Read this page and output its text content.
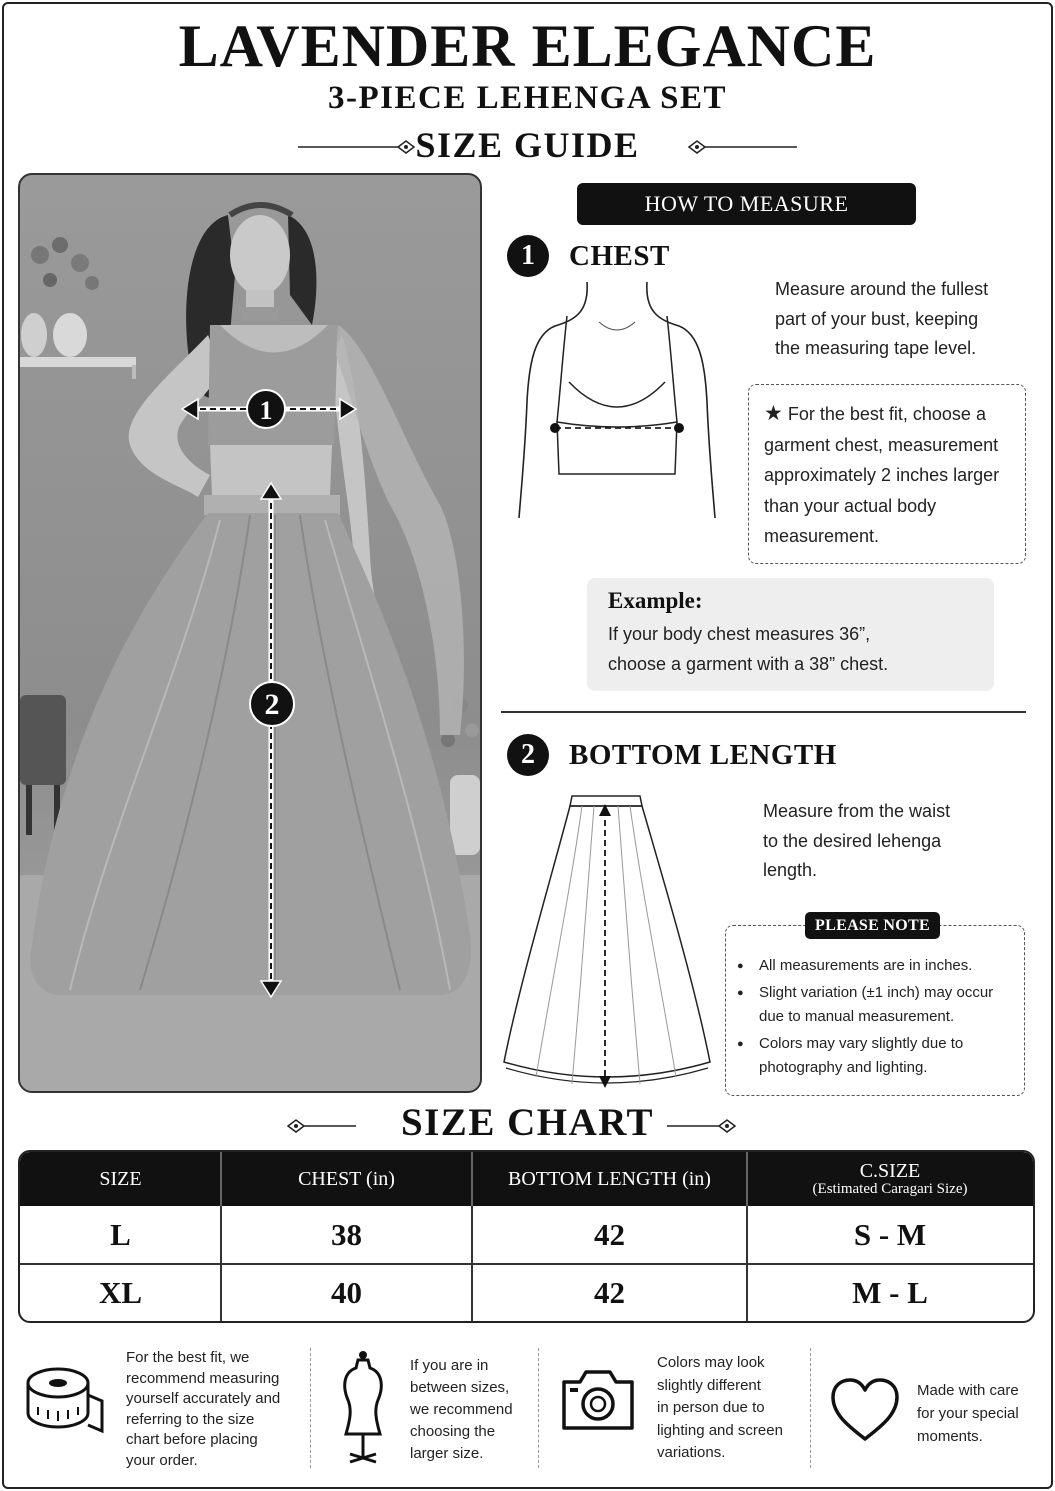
LAVENDER ELEGANCE
3-PIECE LEHENGA SET
SIZE GUIDE
1
2
HOW TO MEASURE
1	CHEST
Measure around the fullest
part of your bust, keeping
the measuring tape level.
★ For the best fit, choose a
garment chest, measurement
approximately 2 inches larger
than your actual body
measurement.
Example:
If your body chest measures 36”,
choose a garment with a 38” chest.
2	BOTTOM LENGTH
Measure from the waist
to the desired lehenga
length.
PLEASE NOTE
● All measurements are in inches.
● Slight variation (±1 inch) may occur
due to manual measurement.
● Colors may vary slightly due to
photography and lighting.
SIZE CHART
SIZE	CHEST (in)	BOTTOM LENGTH (in)	C.SIZE
(Estimated Caragari Size)
L	38	42	S - M
XL	40	42	M - L
For the best fit, we
recommend measuring
yourself accurately and
referring to the size
chart before placing
your order.
If you are in
between sizes,
we recommend
choosing the
larger size.
Colors may look
slightly different
in person due to
lighting and screen
variations.
Made with care
for your special
moments.
